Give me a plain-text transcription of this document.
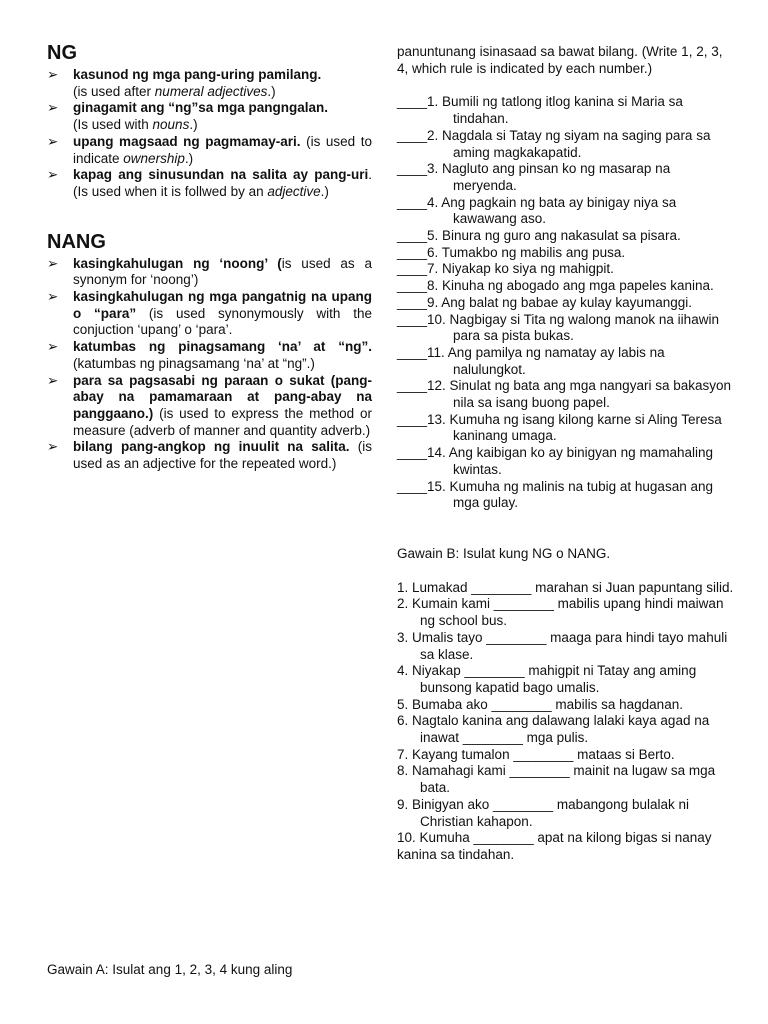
NG
➢ kasunod ng mga pang-uring pamilang.
(is used after numeral adjectives.)
➢ ginagamit ang “ng”sa mga pangngalan.
(Is used with nouns.)
➢ upang magsaad ng pagmamay-ari. (is used to indicate ownership.)
➢ kapag ang sinusundan na salita ay pang-uri. (Is used when it is follwed by an adjective.)
NANG
➢ kasingkahulugan ng ‘noong’ (is used as a synonym for ‘noong’)
➢ kasingkahulugan ng mga pangatnig na upang o “para” (is used synonymously with the conjuction ‘upang’ o ‘para’.
➢ katumbas ng pinagsamang ‘na’ at “ng”. (katumbas ng pinagsamang ‘na’ at “ng”.)
➢ para sa pagsasabi ng paraan o sukat (pang-abay na pamamaraan at pang-abay na panggaano.) (is used to express the method or measure (adverb of manner and quantity adverb.)
➢ bilang pang-angkop ng inuulit na salita. (is used as an adjective for the repeated word.)

Gawain A: Isulat ang 1, 2, 3, 4 kung aling

panuntunang isinasaad sa bawat bilang. (Write 1, 2, 3, 4, which rule is indicated by each number.)

____1. Bumili ng tatlong itlog kanina si Maria sa tindahan.
____2. Nagdala si Tatay ng siyam na saging para sa aming magkakapatid.
____3. Nagluto ang pinsan ko ng masarap na meryenda.
____4. Ang pagkain ng bata ay binigay niya sa kawawang aso.
____5. Binura ng guro ang nakasulat sa pisara.
____6. Tumakbo ng mabilis ang pusa.
____7. Niyakap ko siya ng mahigpit.
____8. Kinuha ng abogado ang mga papeles kanina.
____9. Ang balat ng babae ay kulay kayumanggi.
____10. Nagbigay si Tita ng walong manok na iihawin para sa pista bukas.
____11. Ang pamilya ng namatay ay labis na nalulungkot.
____12. Sinulat ng bata ang mga nangyari sa bakasyon nila sa isang buong papel.
____13. Kumuha ng isang kilong karne si Aling Teresa kaninang umaga.
____14. Ang kaibigan ko ay binigyan ng mamahaling kwintas.
____15. Kumuha ng malinis na tubig at hugasan ang mga gulay.

Gawain B: Isulat kung NG o NANG.

1. Lumakad ________ marahan si Juan papuntang silid.
2. Kumain kami ________ mabilis upang hindi maiwan ng school bus.
3. Umalis tayo ________ maaga para hindi tayo mahuli sa klase.
4. Niyakap ________ mahigpit ni Tatay ang aming bunsong kapatid bago umalis.
5. Bumaba ako ________ mabilis sa hagdanan.
6. Nagtalo kanina ang dalawang lalaki kaya agad na inawat ________ mga pulis.
7. Kayang tumalon ________ mataas si Berto.
8. Namahagi kami ________ mainit na lugaw sa mga bata.
9. Binigyan ako ________ mabangong bulalak ni Christian kahapon.
10. Kumuha ________ apat na kilong bigas si nanay kanina sa tindahan.
